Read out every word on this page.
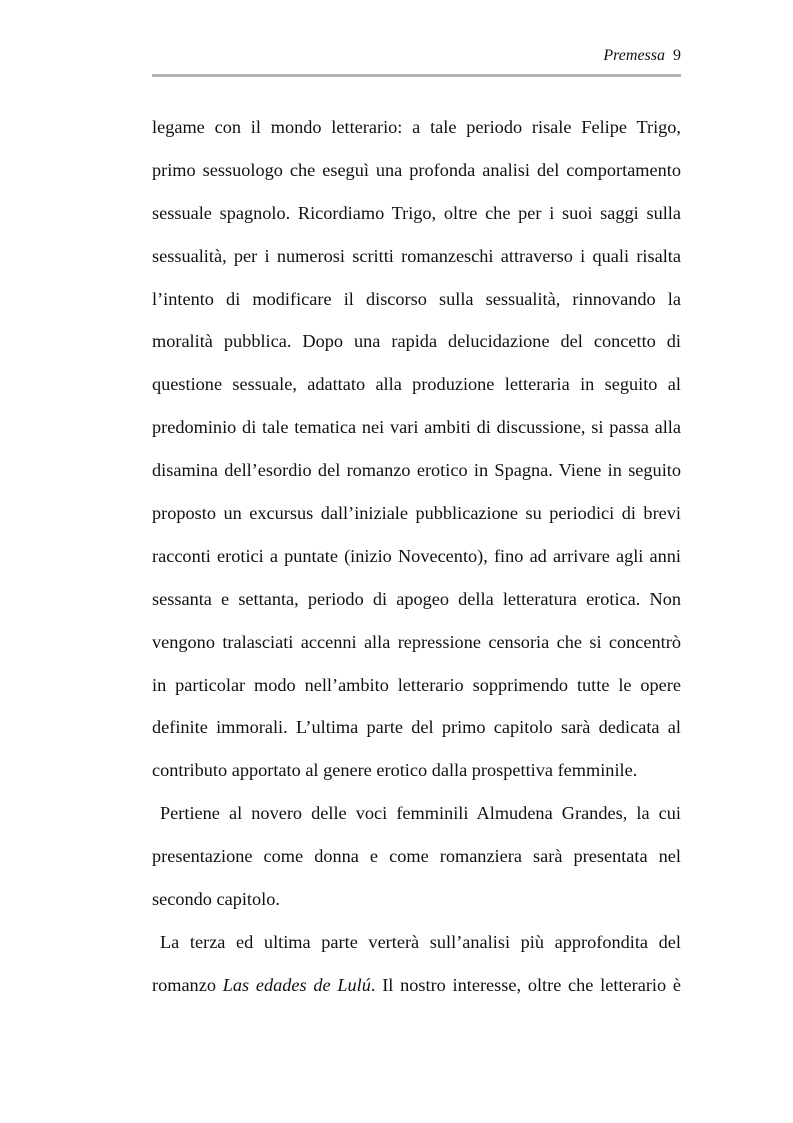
Premessa 9
legame con il mondo letterario: a tale periodo risale Felipe Trigo,
primo sessuologo che eseguì una profonda analisi del comportamento
sessuale spagnolo. Ricordiamo Trigo, oltre che per i suoi saggi sulla
sessualità, per i numerosi scritti romanzeschi attraverso i quali risalta
l’intento di modificare il discorso sulla sessualità, rinnovando la
moralità pubblica. Dopo una rapida delucidazione del concetto di
questione sessuale, adattato alla produzione letteraria in seguito al
predominio di tale tematica nei vari ambiti di discussione, si passa alla
disamina dell’esordio del romanzo erotico in Spagna. Viene in seguito
proposto un excursus dall’iniziale pubblicazione su periodici di brevi
racconti erotici a puntate (inizio Novecento), fino ad arrivare agli anni
sessanta e settanta, periodo di apogeo della letteratura erotica. Non
vengono tralasciati accenni alla repressione censoria che si concentrò
in particolar modo nell’ambito letterario sopprimendo tutte le opere
definite immorali. L’ultima parte del primo capitolo sarà dedicata al
contributo apportato al genere erotico dalla prospettiva femminile.
Pertiene al novero delle voci femminili Almudena Grandes, la cui
presentazione come donna e come romanziera sarà presentata nel
secondo capitolo.
La terza ed ultima parte verterà sull’analisi più approfondita del
romanzo Las edades de Lulú. Il nostro interesse, oltre che letterario è
